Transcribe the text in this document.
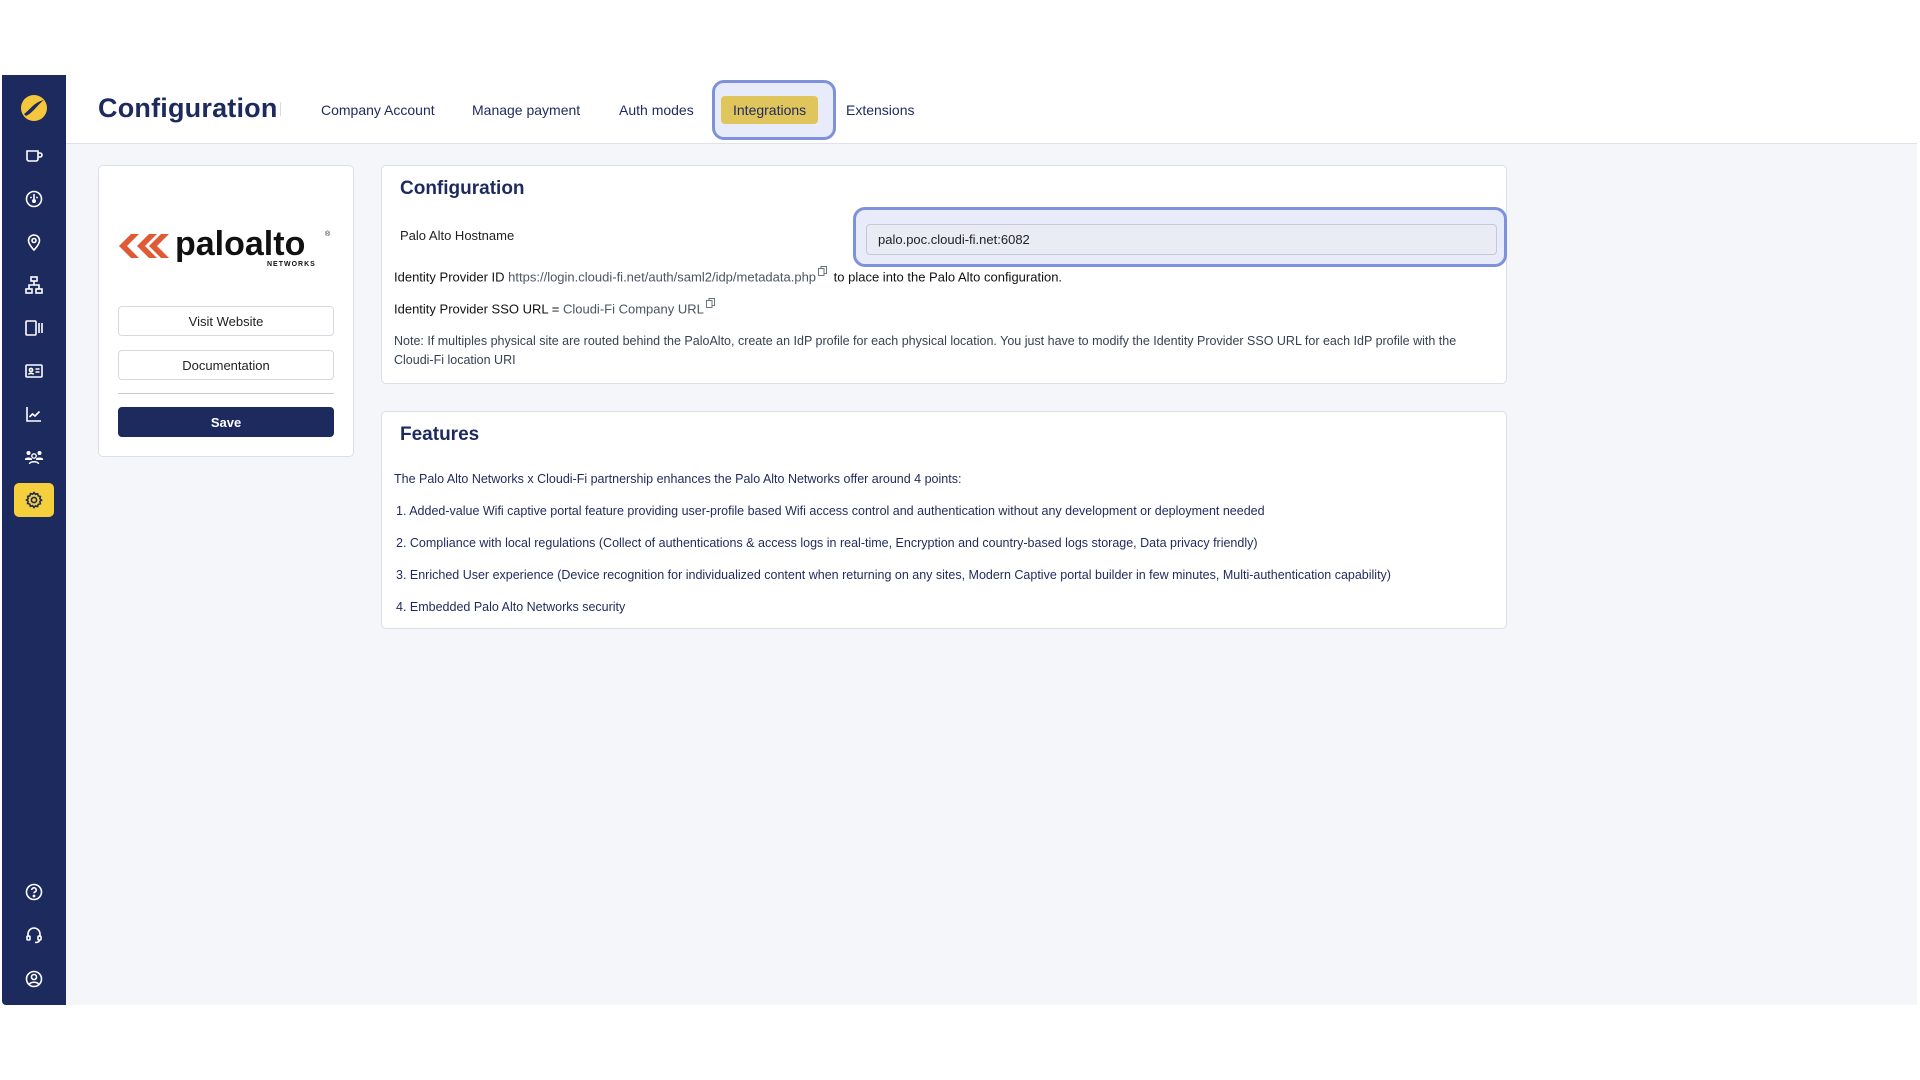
Configuration	Company Account	Manage payment	Auth modes	Integrations	Extensions
paloalto
NETWORKS
®
Visit Website
Documentation
Save
Configuration
Palo Alto Hostname
palo.poc.cloudi-fi.net:6082
Identity Provider ID https://login.cloudi-fi.net/auth/saml2/idp/metadata.php to place into the Palo Alto configuration.
Identity Provider SSO URL = Cloudi-Fi Company URL

Note: If multiples physical site are routed behind the PaloAlto, create an IdP profile for each physical location. You just have to modify the Identity Provider SSO URL for each IdP profile with the Cloudi-Fi location URI

Features

The Palo Alto Networks x Cloudi-Fi partnership enhances the Palo Alto Networks offer around 4 points:

1. Added-value Wifi captive portal feature providing user-profile based Wifi access control and authentication without any development or deployment needed

2. Compliance with local regulations (Collect of authentications & access logs in real-time, Encryption and country-based logs storage, Data privacy friendly)

3. Enriched User experience (Device recognition for individualized content when returning on any sites, Modern Captive portal builder in few minutes, Multi-authentication capability)

4. Embedded Palo Alto Networks security
